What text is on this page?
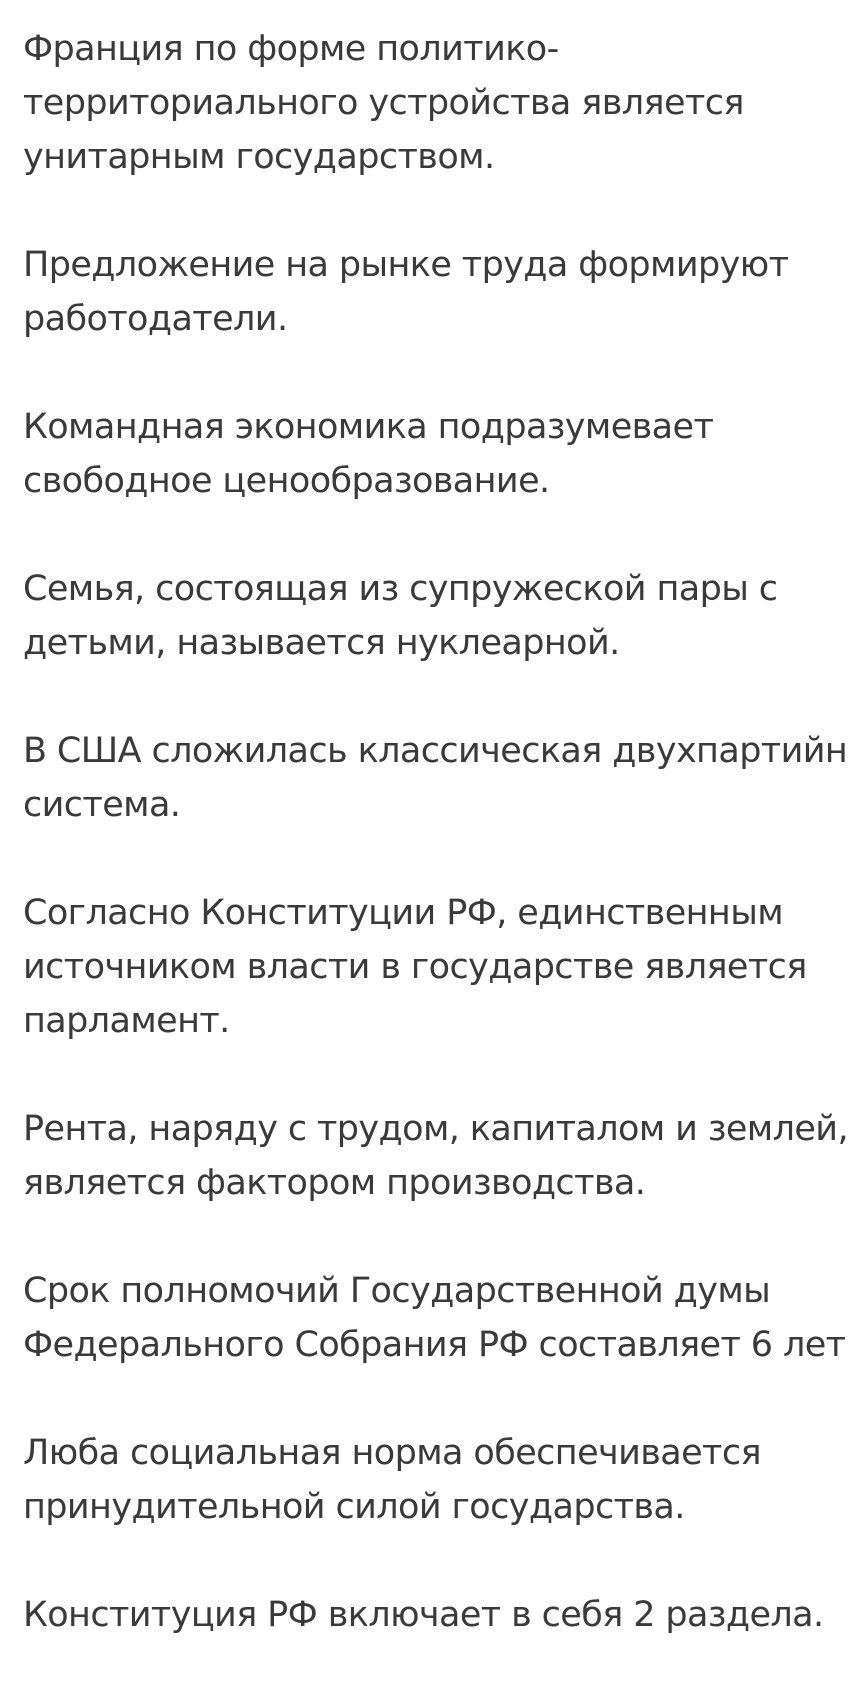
Франция по форме политико-
территориального устройства является
унитарным государством.

Предложение на рынке труда формируют
работодатели.

Командная экономика подразумевает
свободное ценообразование.

Семья, состоящая из супружеской пары с
детьми, называется нуклеарной.

В США сложилась классическая двухпартийн
система.

Согласно Конституции РФ, единственным
источником власти в государстве является
парламент.

Рента, наряду с трудом, капиталом и землей,
является фактором производства.

Срок полномочий Государственной думы
Федерального Собрания РФ составляет 6 лет

Люба социальная норма обеспечивается
принудительной силой государства.

Конституция РФ включает в себя 2 раздела.
